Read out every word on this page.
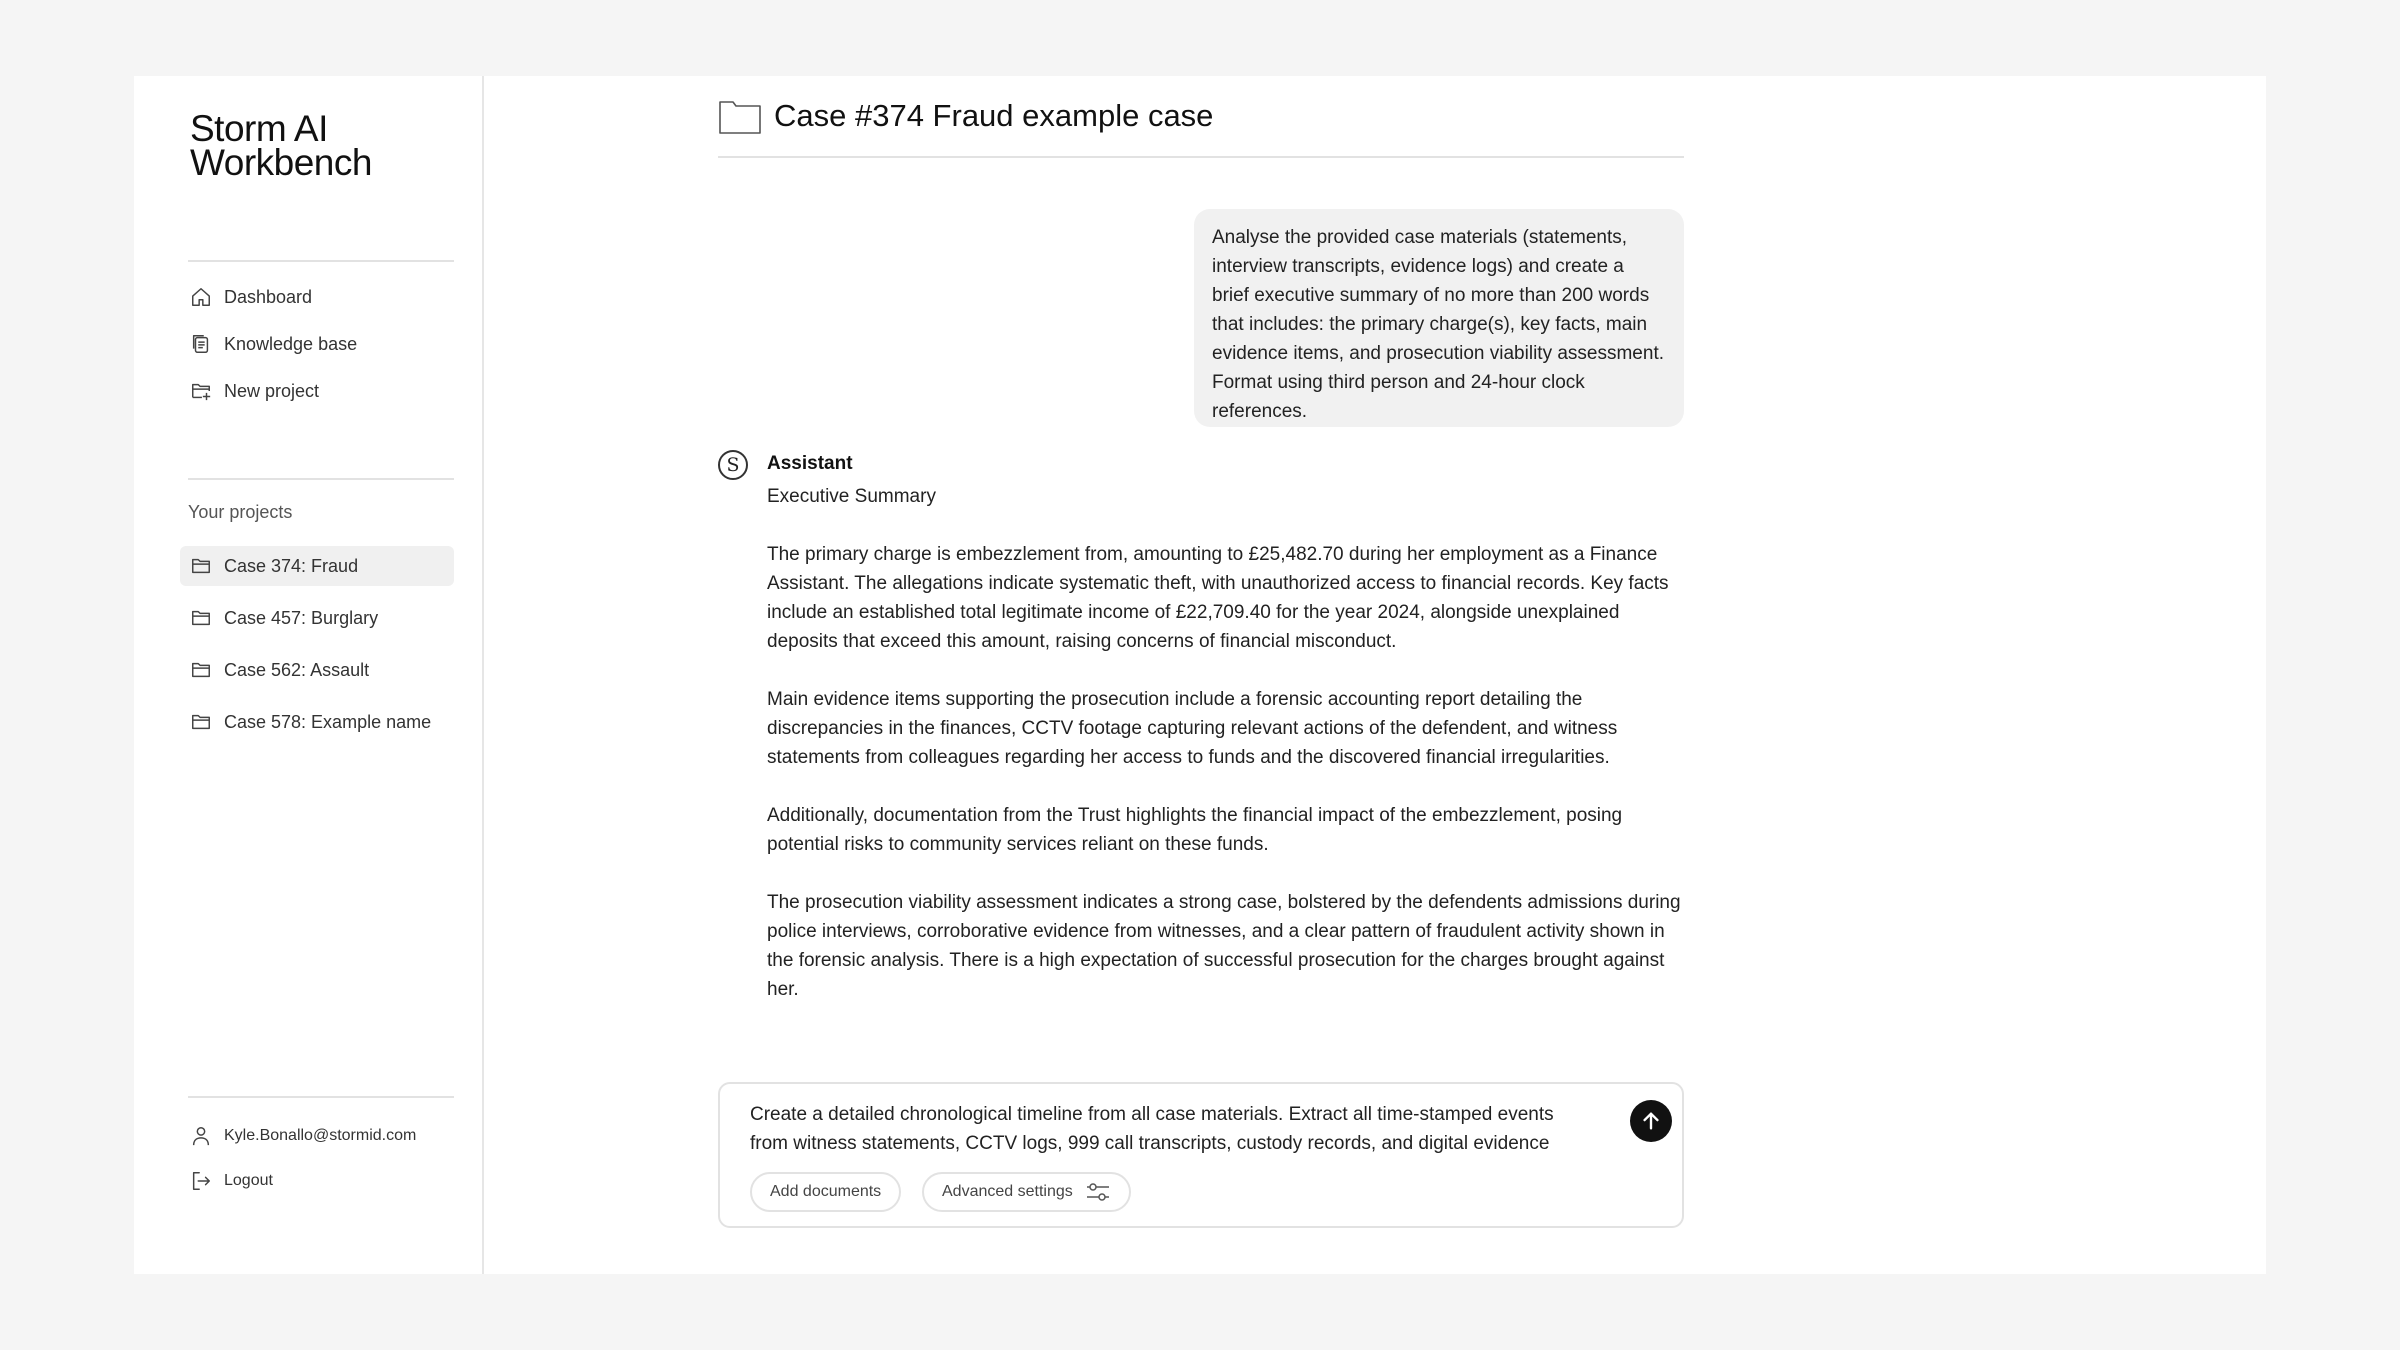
Storm AI
Workbench
Dashboard
Knowledge base
New project
Your projects
Case 374: Fraud
Case 457: Burglary
Case 562: Assault
Case 578: Example name
Kyle.Bonallo@stormid.com
Logout
Case #374 Fraud example case
Analyse the provided case materials (statements, interview transcripts, evidence logs) and create a brief executive summary of no more than 200 words that includes: the primary charge(s), key facts, main evidence items, and prosecution viability assessment. Format using third person and 24-hour clock references.
S	Assistant

Executive Summary

The primary charge is embezzlement from, amounting to £25,482.70 during her employment as a Finance Assistant. The allegations indicate systematic theft, with unauthorized access to financial records. Key facts include an established total legitimate income of £22,709.40 for the year 2024, alongside unexplained deposits that exceed this amount, raising concerns of financial misconduct.

Main evidence items supporting the prosecution include a forensic accounting report detailing the discrepancies in the finances, CCTV footage capturing relevant actions of the defendent, and witness statements from colleagues regarding her access to funds and the discovered financial irregularities.

Additionally, documentation from the Trust highlights the financial impact of the embezzlement, posing potential risks to community services reliant on these funds.

The prosecution viability assessment indicates a strong case, bolstered by the defendents admissions during police interviews, corroborative evidence from witnesses, and a clear pattern of fraudulent activity shown in the forensic analysis. There is a high expectation of successful prosecution for the charges brought against her.

Create a detailed chronological timeline from all case materials. Extract all time-stamped events from witness statements, CCTV logs, 999 call transcripts, custody records, and digital evidence
Add documents	Advanced settings
